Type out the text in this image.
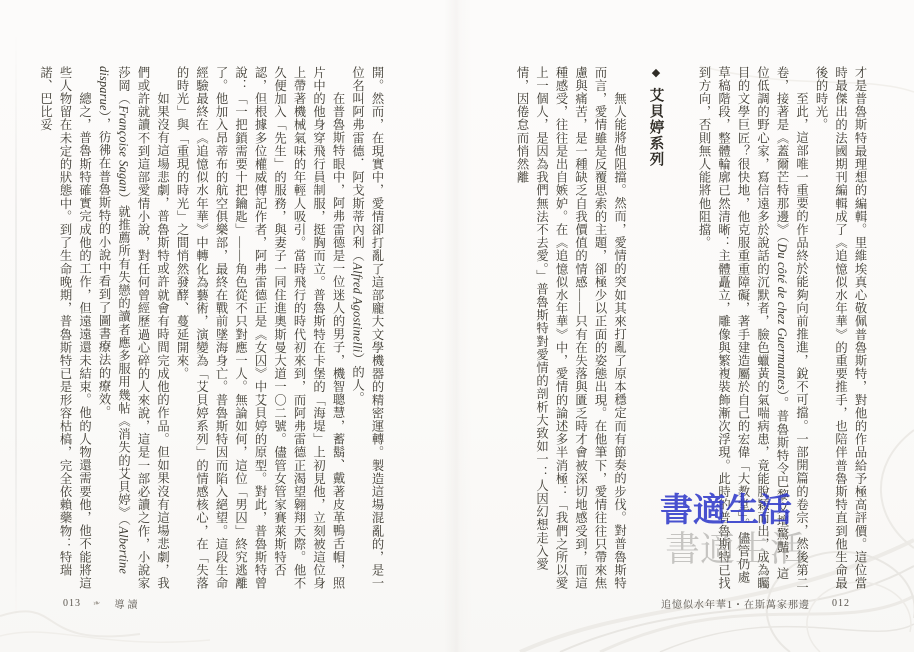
才是普魯斯特最理想的編輯。里維埃真心敬佩普魯斯特，對他的作品給予極高評價。這位當時最傑出的法國期刊編輯成了《追憶似水年華》的重要推手，也陪伴普魯斯特直到他生命最後的時光。

至此，這部唯一重要的作品終於能夠向前推進，銳不可擋。一部開篇的卷宗，然後第二卷，接著是《蓋爾芒特那邊》（Du côté de chez Guermantes）。普魯斯特令巴黎文壇驚豔，這位低調的野心家，寫信遠多於說話的沉默者，臉色蠟黃的氣喘病患，竟能脫穎而出，成為矚目的文學巨匠？很快地，他克服重重障礙，著手建造屬於自己的宏偉「大教堂」。儘管仍處草稿階段，整體輪廓已然清晰：主體矗立，雕像與繁複裝飾漸次浮現。此時的普魯斯特已找到方向，否則無人能將他阻擋。

◆艾貝婷系列

無人能將他阻擋。然而，愛情的突如其來打亂了原本穩定而有節奏的步伐。對普魯斯特而言，愛情雖是反覆思索的主題，卻極少以正面的姿態出現。在他筆下，愛情往往只帶來焦慮與痛苦，是一種缺乏自我價值的情感——只有在失落與匱乏時才會被深切地感受到，而這種感受，往往是出自嫉妒。在《追憶似水年華》中，愛情的論述多半消極：「我們之所以愛上一個人，是因為我們無法不去愛。」普魯斯特對愛情的剖析大致如一：人因幻想走入愛情，因倦怠而悄然離

開。然而，在現實中，愛情卻打亂了這部龐大文學機器的精密運轉。製造這場混亂的，是一位名叫阿弗雷德．阿戈斯蒂內利（Alfred Agostinelli）的人。

在普魯斯特眼中，阿弗雷德是一位迷人的男子，機智聰慧，蓄鬍、戴著皮革鴨舌帽，照片中的他身穿飛行員制服，挺胸而立。普魯斯特在卡堡的「海堤」上初見他，立刻被這位身上帶著機械氣味的年輕人吸引。當時飛行的時代初來到，而阿弗雷德正渴望翱翔天際。他不久便加入「先生」的服務，與妻子一同住進奧斯曼大道一〇二號。儘管女管家賽萊斯特否認，但根據多位權威傳記作者，阿弗雷德正是《女囚》中艾貝婷的原型。對此，普魯斯特曾說：「一把鎖需要十把鑰匙」——角色從不只對應一人。無論如何，這位「男囚」終究逃離了。他加入昂蒂布的航空俱樂部，最終在戰前墜海身亡。普魯斯特因而陷入絕望。這段生命經驗最終在《追憶似水年華》中轉化為藝術，演變為「艾貝婷系列」的情感核心，在「失落的時光」與「重現的時光」之間悄然發酵、蔓延開來。

如果沒有這場悲劇，普魯斯特或許就會有時間完成他的作品。但如果沒有這場悲劇，我們或許就讀不到這部愛情小說，對任何曾經歷過心碎的人來說，這是一部必讀之作，小說家莎岡（Françoise Sagan）就推薦所有失戀的讀者應多服用幾帖《消失的艾貝婷》（Albertine disparue），彷彿在普魯斯特的小說中看到了圖書療法的療效。

總之，普魯斯特確實完成他的工作，但遠遠還未結束。他的人物還需要他，他不能將這些人物留在未定的狀態中。到了生命晚期，普魯斯特已是形容枯槁，完全依賴藥物：特瑞諾、巴比妥

書適生活
書適生活
013 ❧ 導讀	追憶似水年華1・在斯萬家那邊 012
